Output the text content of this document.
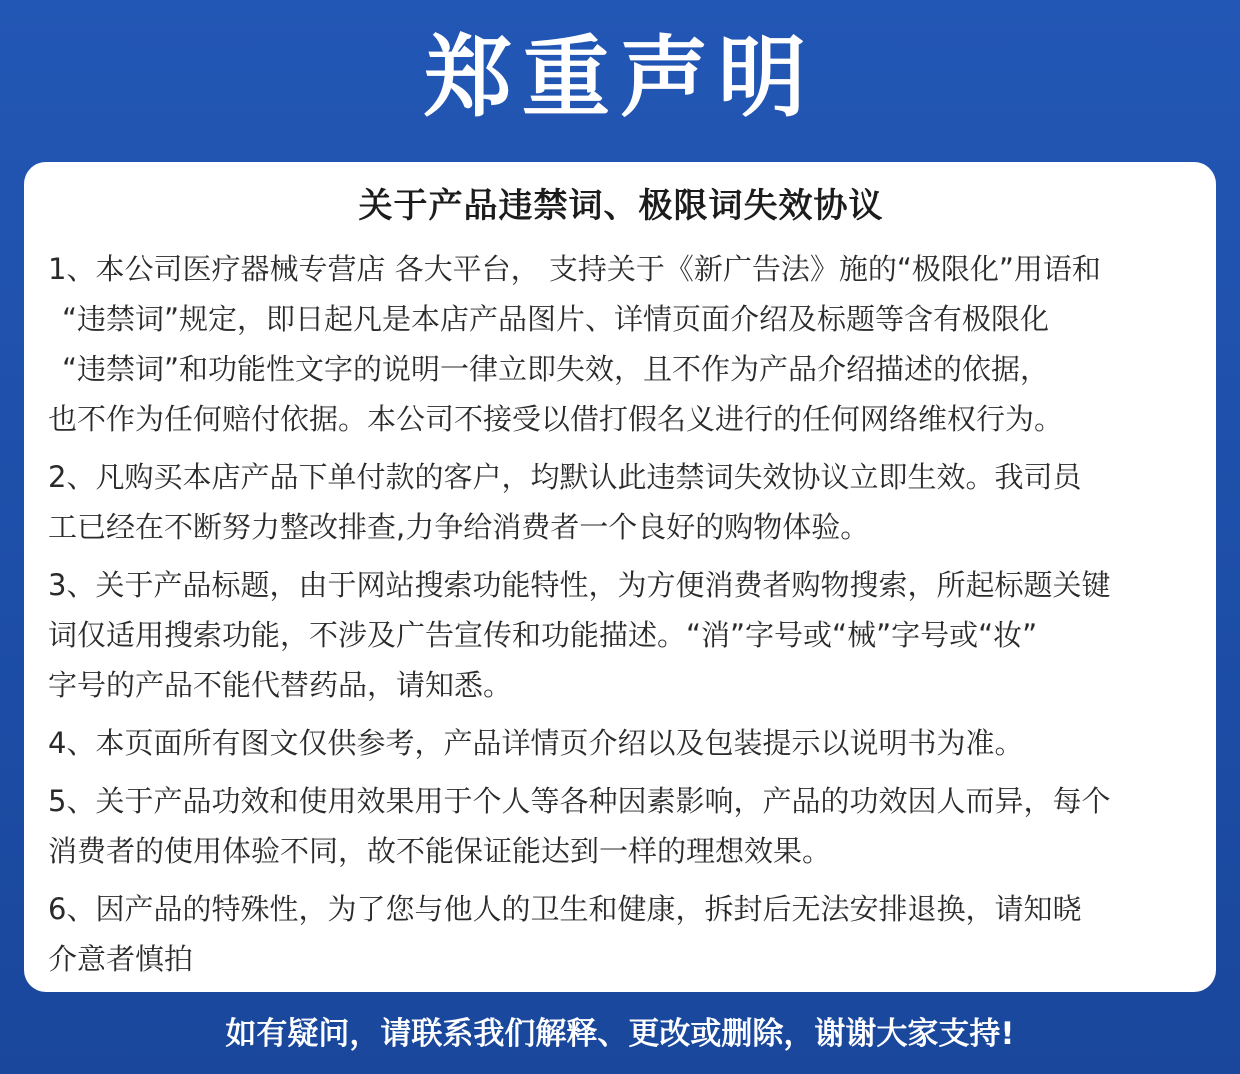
郑重声明
关于产品违禁词、极限词失效协议

1、本公司医疗器械专营店 各大平台， 支持关于《新广告法》施的“极限化”用语和

“违禁词”规定，即日起凡是本店产品图片、详情页面介绍及标题等含有极限化

“违禁词”和功能性文字的说明一律立即失效，且不作为产品介绍描述的依据，

也不作为任何赔付依据。本公司不接受以借打假名义进行的任何网络维权行为。

2、凡购买本店产品下单付款的客户，均默认此违禁词失效协议立即生效。我司员

工已经在不断努力整改排查,力争给消费者一个良好的购物体验。

3、关于产品标题，由于网站搜索功能特性，为方便消费者购物搜索，所起标题关键

词仅适用搜索功能，不涉及广告宣传和功能描述。“消”字号或“械”字号或“妆”

字号的产品不能代替药品，请知悉。

4、本页面所有图文仅供参考，产品详情页介绍以及包装提示以说明书为准。

5、关于产品功效和使用效果用于个人等各种因素影响，产品的功效因人而异，每个

消费者的使用体验不同，故不能保证能达到一样的理想效果。

6、因产品的特殊性，为了您与他人的卫生和健康，拆封后无法安排退换，请知晓

介意者慎拍

如有疑问，请联系我们解释、更改或删除，谢谢大家支持!
